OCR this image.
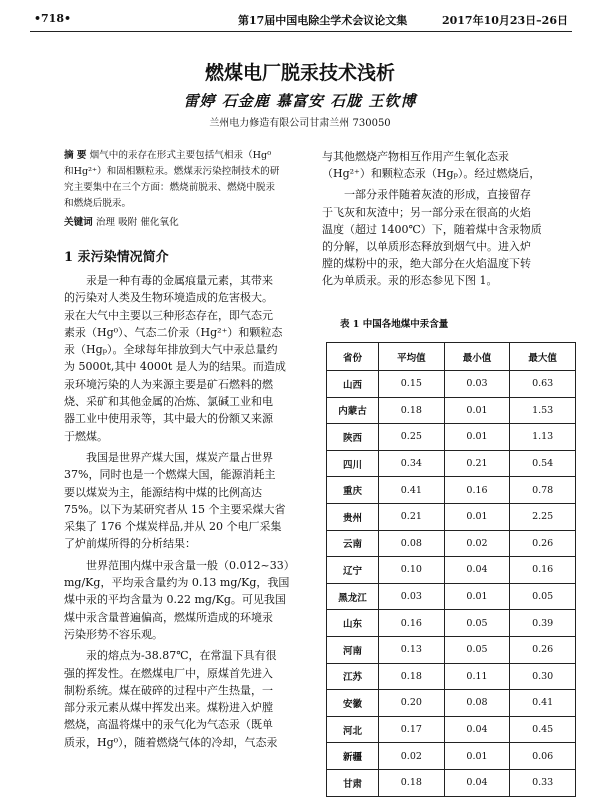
•718•	第17届中国电除尘学术会议论文集	2017年10月23日–26日
燃煤电厂脱汞技术浅析
雷婷 石金鹿 慕富安 石胧 王钦博
兰州电力修造有限公司甘肃兰州 730050
摘 要 烟气中的汞存在形式主要包括气相汞（Hg⁰
和Hg²⁺）和固相颗粒汞。燃煤汞污染控制技术的研
究主要集中在三个方面：燃烧前脱汞、燃烧中脱汞
和燃烧后脱汞。
关键词 治理 吸附 催化氧化
1 汞污染情况简介
汞是一种有毒的金属痕量元素，其带来
的污染对人类及生物环境造成的危害极大。
汞在大气中主要以三种形态存在，即气态元
素汞（Hg⁰）、气态二价汞（Hg²⁺）和颗粒态
汞（Hgₚ）。全球每年排放到大气中汞总量约
为 5000t,其中 4000t 是人为的结果。而造成
汞环境污染的人为来源主要是矿石燃料的燃
烧、采矿和其他金属的冶炼、氯碱工业和电
器工业中使用汞等，其中最大的份额又来源
于燃煤。
我国是世界产煤大国，煤炭产量占世界
37%，同时也是一个燃煤大国，能源消耗主
要以煤炭为主，能源结构中煤的比例高达
75%。以下为某研究者从 15 个主要采煤大省
采集了 176 个煤炭样品,并从 20 个电厂采集
了炉前煤所得的分析结果：
世界范围内煤中汞含量一般（0.012~33）
mg/Kg，平均汞含量约为 0.13 mg/Kg，我国
煤中汞的平均含量为 0.22 mg/Kg。可见我国
煤中汞含量普遍偏高，燃煤所造成的环境汞
污染形势不容乐观。
汞的熔点为-38.87℃，在常温下具有很
强的挥发性。在燃煤电厂中，原煤首先进入
制粉系统。煤在破碎的过程中产生热量，一
部分汞元素从煤中挥发出来。煤粉进入炉膛
燃烧，高温将煤中的汞气化为气态汞（既单
质汞，Hg⁰），随着燃烧气体的冷却，气态汞
与其他燃烧产物相互作用产生氧化态汞
（Hg²⁺）和颗粒态汞（Hgₚ）。经过燃烧后，
一部分汞伴随着灰渣的形成，直接留存
于飞灰和灰渣中；另一部分汞在很高的火焰
温度（超过 1400℃）下，随着煤中含汞物质
的分解，以单质形态释放到烟气中。进入炉
膛的煤粉中的汞，绝大部分在火焰温度下转
化为单质汞。汞的形态参见下图 1。
表 1 中国各地煤中汞含量
省份	平均值	最小值	最大值
山西	0.15	0.03	0.63
内蒙古	0.18	0.01	1.53
陕西	0.25	0.01	1.13
四川	0.34	0.21	0.54
重庆	0.41	0.16	0.78
贵州	0.21	0.01	2.25
云南	0.08	0.02	0.26
辽宁	0.10	0.04	0.16
黑龙江	0.03	0.01	0.05
山东	0.16	0.05	0.39
河南	0.13	0.05	0.26
江苏	0.18	0.11	0.30
安徽	0.20	0.08	0.41
河北	0.17	0.04	0.45
新疆	0.02	0.01	0.06
甘肃	0.18	0.04	0.33
